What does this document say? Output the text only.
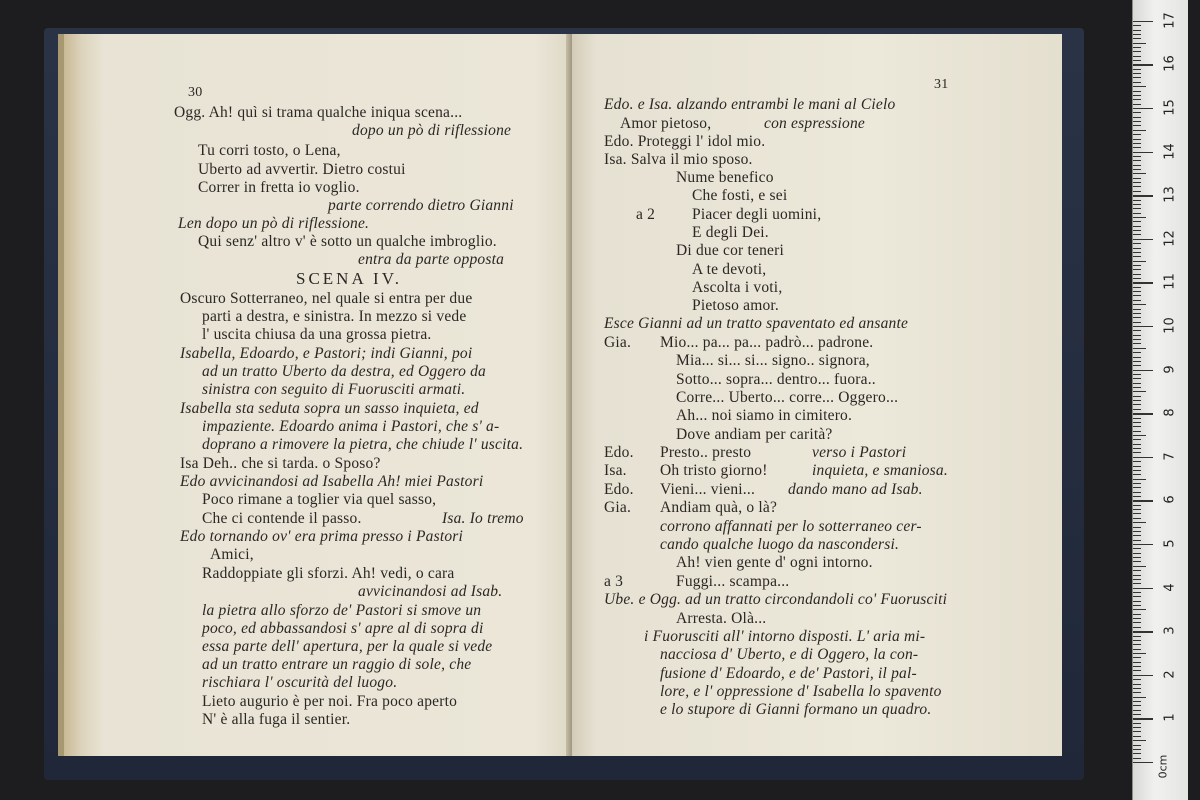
30
Ogg. Ah! quì si trama qualche iniqua scena...
dopo un pò di riflessione
Tu corri tosto, o Lena,
Uberto ad avvertir. Dietro costui
Correr in fretta io voglio.
parte correndo dietro Gianni
Len dopo un pò di riflessione.
Qui senz' altro v' è sotto un qualche imbroglio.
entra da parte opposta
SCENA IV.
Oscuro Sotterraneo, nel quale si entra per due
parti a destra, e sinistra. In mezzo si vede
l' uscita chiusa da una grossa pietra.
Isabella, Edoardo, e Pastori; indi Gianni, poi
ad un tratto Uberto da destra, ed Oggero da
sinistra con seguito di Fuorusciti armati.
Isabella sta seduta sopra un sasso inquieta, ed
impaziente. Edoardo anima i Pastori, che s' a-
doprano a rimovere la pietra, che chiude l' uscita.
Isa Deh.. che si tarda. o Sposo?
Edo avvicinandosi ad Isabella Ah! miei Pastori
Poco rimane a toglier via quel sasso,
Che ci contende il passo.	Isa. Io tremo
Edo tornando ov' era prima presso i Pastori
Amici,
Raddoppiate gli sforzi. Ah! vedi, o cara
avvicinandosi ad Isab.
la pietra allo sforzo de' Pastori si smove un
poco, ed abbassandosi s' apre al di sopra di
essa parte dell' apertura, per la quale si vede
ad un tratto entrare un raggio di sole, che
rischiara l' oscurità del luogo.
Lieto augurio è per noi. Fra poco aperto
N' è alla fuga il sentier.
31
Edo. e Isa. alzando entrambi le mani al Cielo
Amor pietoso,	con espressione
Edo. Proteggi l' idol mio.
Isa. Salva il mio sposo.
Nume benefico
Che fosti, e sei
a 2 Piacer degli uomini,
E degli Dei.
Di due cor teneri
A te devoti,
Ascolta i voti,
Pietoso amor.
Esce Gianni ad un tratto spaventato ed ansante
Gia. Mio... pa... pa... padrò... padrone.
Mia... si... si... signo.. signora,
Sotto... sopra... dentro... fuora..
Corre... Uberto... corre... Oggero...
Ah... noi siamo in cimitero.
Dove andiam per carità?
Edo. Presto.. presto	verso i Pastori
Isa. Oh tristo giorno!	inquieta, e smaniosa.
Edo. Vieni... vieni... dando mano ad Isab.
Gia. Andiam quà, o là?
corrono affannati per lo sotterraneo cer-
cando qualche luogo da nascondersi.
Ah! vien gente d' ogni intorno.
a 3	Fuggi... scampa...
Ube. e Ogg. ad un tratto circondandoli co' Fuorusciti
Arresta. Olà...
i Fuorusciti all' intorno disposti. L' aria mi-
nacciosa d' Uberto, e di Oggero, la con-
fusione d' Edoardo, e de' Pastori, il pal-
lore, e l' oppressione d' Isabella lo spavento
e lo stupore di Gianni formano un quadro.
0cm
1
2
3
4
5
6
7
8
9
10
11
12
13
14
15
16
17
